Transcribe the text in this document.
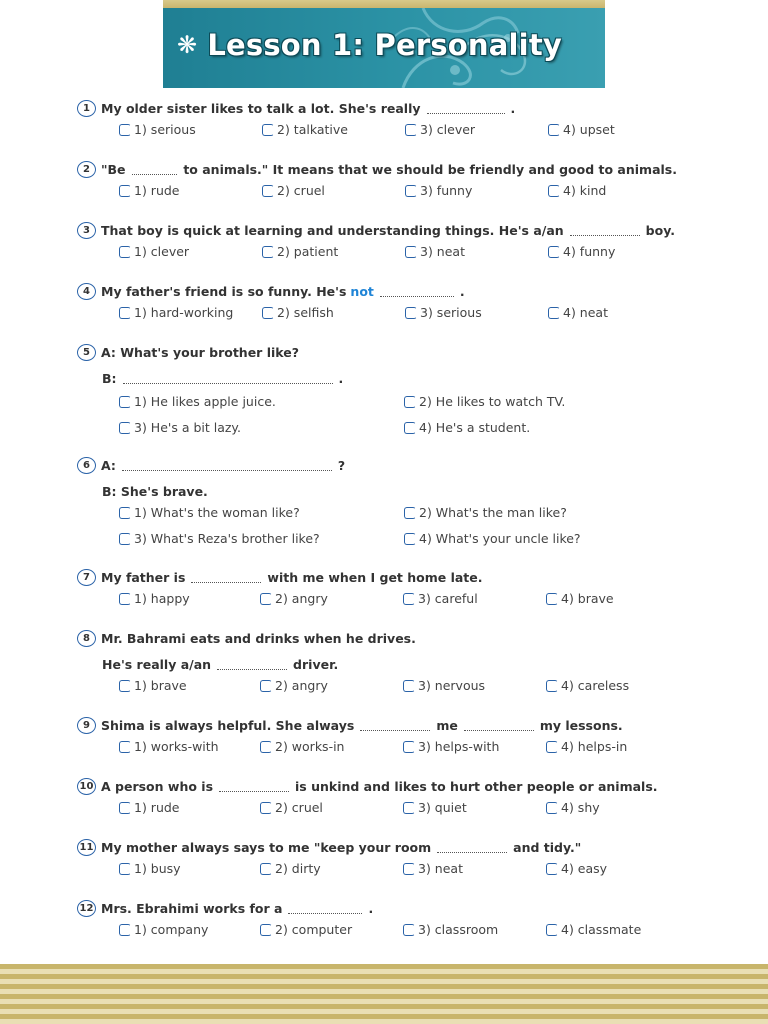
❋ Lesson 1: Personality
1 My older sister likes to talk a lot. She's really	.
1) serious	2) talkative	3) clever	4) upset
2 "Be	to animals." It means that we should be friendly and good to animals.
1) rude	2) cruel	3) funny	4) kind
3 That boy is quick at learning and understanding things. He's a/an	boy.
1) clever	2) patient	3) neat	4) funny
4 My father's friend is so funny. He's not	.
1) hard-working	2) selfish	3) serious	4) neat
5 A: What's your brother like?
B:	.
1) He likes apple juice.	2) He likes to watch TV.
3) He's a bit lazy.	4) He's a student.
6 A:	?
B: She's brave.
1) What's the woman like?	2) What's the man like?
3) What's Reza's brother like?	4) What's your uncle like?
7 My father is	with me when I get home late.
1) happy	2) angry	3) careful	4) brave
8 Mr. Bahrami eats and drinks when he drives.
He's really a/an	driver.
1) brave	2) angry	3) nervous	4) careless
9 Shima is always helpful. She always	me	my lessons.
1) works-with	2) works-in	3) helps-with	4) helps-in
10 A person who is	is unkind and likes to hurt other people or animals.
1) rude	2) cruel	3) quiet	4) shy
11 My mother always says to me "keep your room	and tidy."
1) busy	2) dirty	3) neat	4) easy
12 Mrs. Ebrahimi works for a	.
1) company	2) computer	3) classroom	4) classmate
